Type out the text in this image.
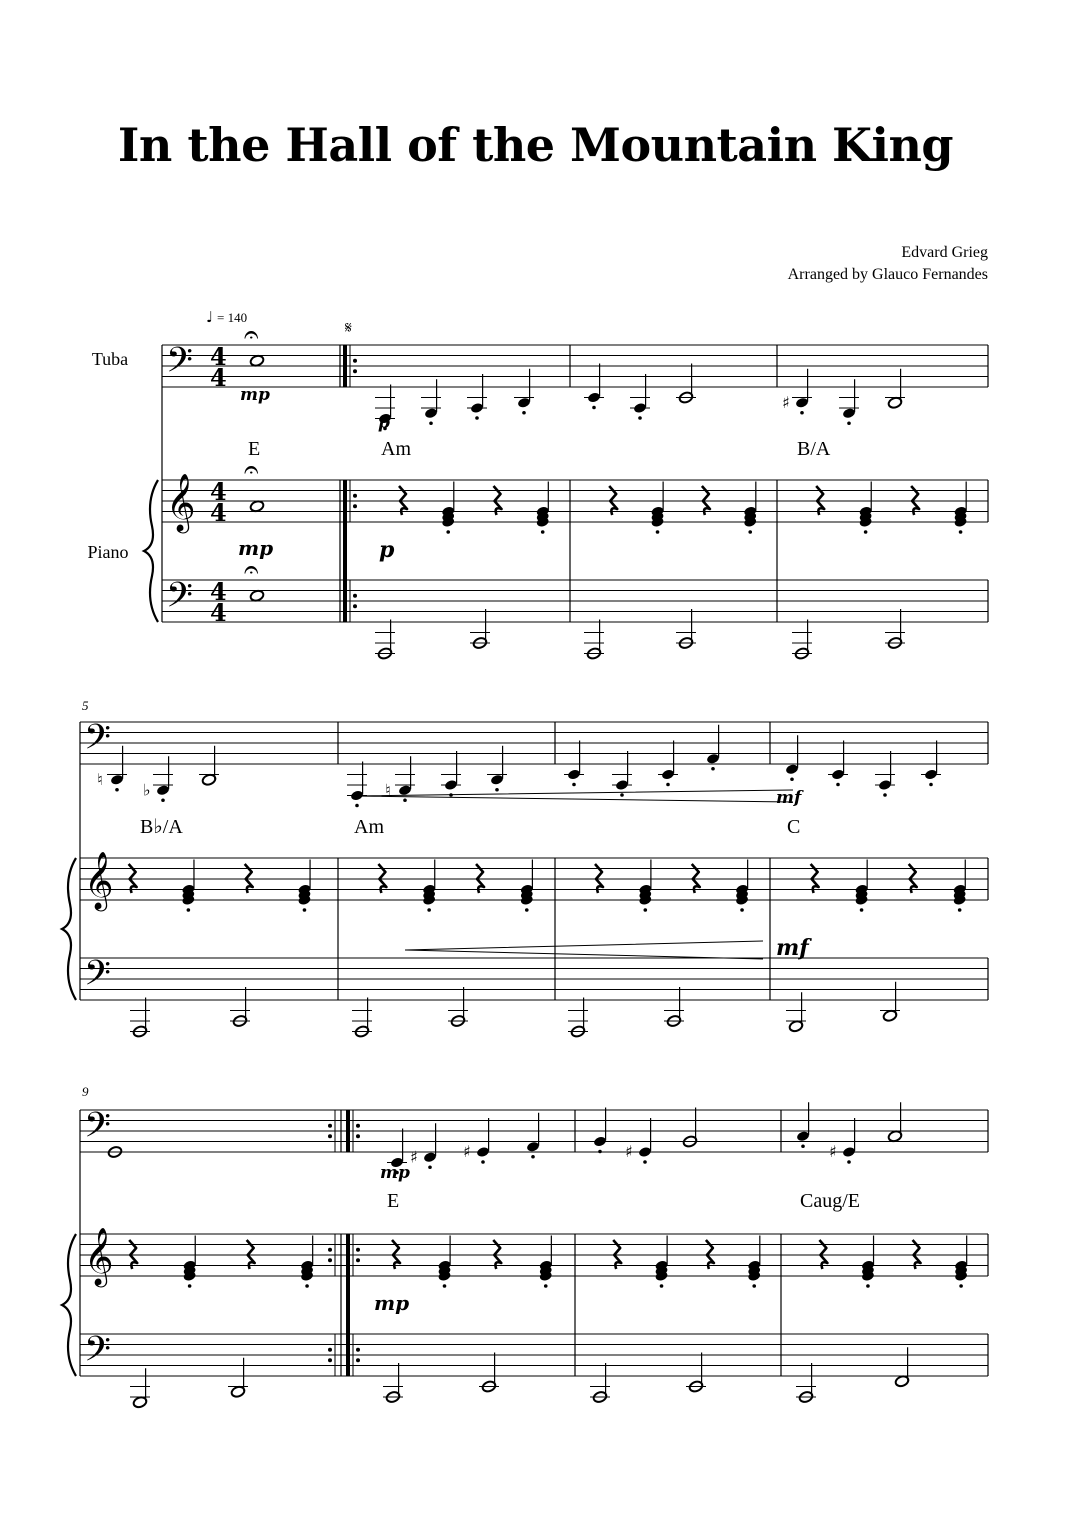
In the Hall of the Mountain King
Edvard Grieg
Arranged by Glauco Fernandes
𝄢
𝄢
𝄞
4
4
4
4
4
4
𝄢
𝄢
𝄞
𝄢
𝄢
𝄞
♯
♮
♭	♮
♯	♯	♯	♯
𝄐
𝄐
𝄐
Tuba
Piano
♩ = 140
𝄋
5
9
E	Am	B/A
B♭/A	Am	C
E	Caug/E
mp
mp
p
p
mf
mf
mp
mp
